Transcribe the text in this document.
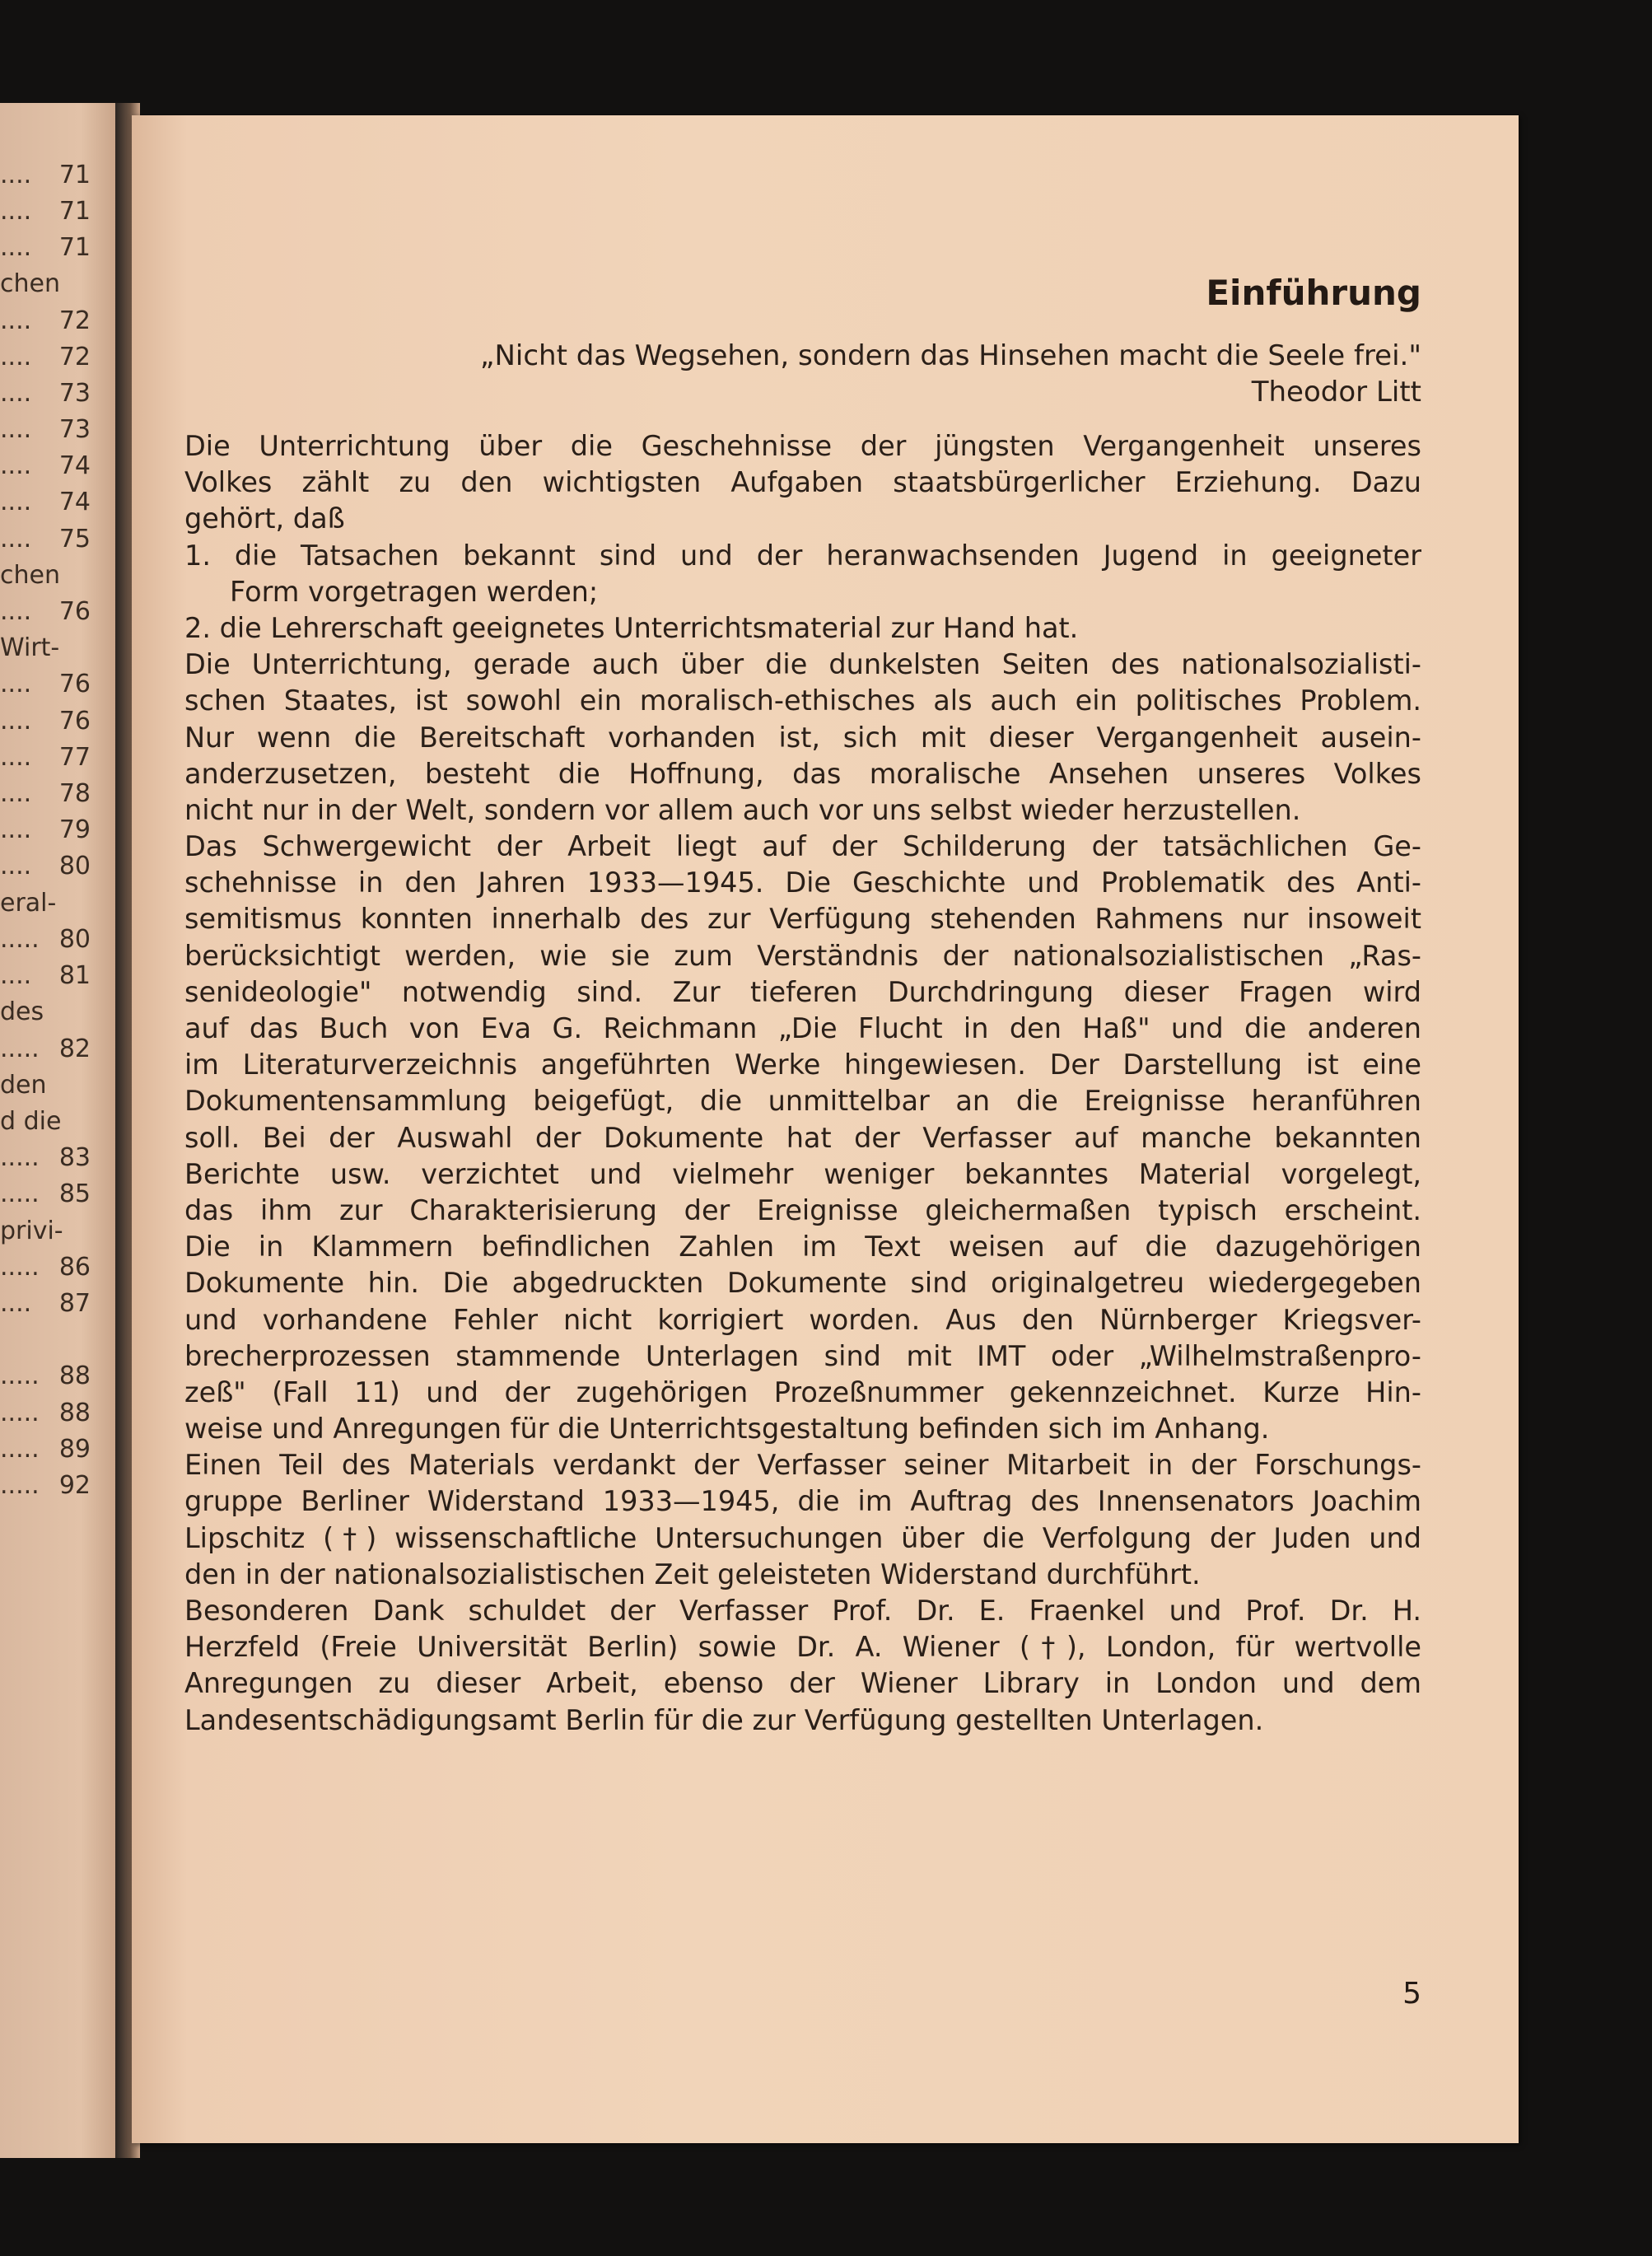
.... 71
.... 71
.... 71
chen
.... 72
.... 72
.... 73
.... 73
.... 74
.... 74
.... 75
chen
.... 76
Wirt-
.... 76
.... 76
.... 77
.... 78
.... 79
.... 80
eral-
..... 80
.... 81
des
..... 82
den
d die
..... 83
..... 85
privi-
..... 86
.... 87
..... 88
..... 88
..... 89
..... 92
Einführung
„Nicht das Wegsehen, sondern das Hinsehen macht die Seele frei."
Theodor Litt
Die Unterrichtung über die Geschehnisse der jüngsten Vergangenheit unseres
Volkes zählt zu den wichtigsten Aufgaben staatsbürgerlicher Erziehung. Dazu
gehört, daß
1. die Tatsachen bekannt sind und der heranwachsenden Jugend in geeigneter
Form vorgetragen werden;
2. die Lehrerschaft geeignetes Unterrichtsmaterial zur Hand hat.
Die Unterrichtung, gerade auch über die dunkelsten Seiten des nationalsozialisti-
schen Staates, ist sowohl ein moralisch-ethisches als auch ein politisches Problem.
Nur wenn die Bereitschaft vorhanden ist, sich mit dieser Vergangenheit ausein-
anderzusetzen, besteht die Hoffnung, das moralische Ansehen unseres Volkes
nicht nur in der Welt, sondern vor allem auch vor uns selbst wieder herzustellen.
Das Schwergewicht der Arbeit liegt auf der Schilderung der tatsächlichen Ge-
schehnisse in den Jahren 1933—1945. Die Geschichte und Problematik des Anti-
semitismus konnten innerhalb des zur Verfügung stehenden Rahmens nur insoweit
berücksichtigt werden, wie sie zum Verständnis der nationalsozialistischen „Ras-
senideologie" notwendig sind. Zur tieferen Durchdringung dieser Fragen wird
auf das Buch von Eva G. Reichmann „Die Flucht in den Haß" und die anderen
im Literaturverzeichnis angeführten Werke hingewiesen. Der Darstellung ist eine
Dokumentensammlung beigefügt, die unmittelbar an die Ereignisse heranführen
soll. Bei der Auswahl der Dokumente hat der Verfasser auf manche bekannten
Berichte usw. verzichtet und vielmehr weniger bekanntes Material vorgelegt,
das ihm zur Charakterisierung der Ereignisse gleichermaßen typisch erscheint.
Die in Klammern befindlichen Zahlen im Text weisen auf die dazugehörigen
Dokumente hin. Die abgedruckten Dokumente sind originalgetreu wiedergegeben
und vorhandene Fehler nicht korrigiert worden. Aus den Nürnberger Kriegsver-
brecherprozessen stammende Unterlagen sind mit IMT oder „Wilhelmstraßenpro-
zeß" (Fall 11) und der zugehörigen Prozeßnummer gekennzeichnet. Kurze Hin-
weise und Anregungen für die Unterrichtsgestaltung befinden sich im Anhang.
Einen Teil des Materials verdankt der Verfasser seiner Mitarbeit in der Forschungs-
gruppe Berliner Widerstand 1933—1945, die im Auftrag des Innensenators Joachim
Lipschitz (†) wissenschaftliche Untersuchungen über die Verfolgung der Juden und
den in der nationalsozialistischen Zeit geleisteten Widerstand durchführt.
Besonderen Dank schuldet der Verfasser Prof. Dr. E. Fraenkel und Prof. Dr. H.
Herzfeld (Freie Universität Berlin) sowie Dr. A. Wiener (†), London, für wertvolle
Anregungen zu dieser Arbeit, ebenso der Wiener Library in London und dem
Landesentschädigungsamt Berlin für die zur Verfügung gestellten Unterlagen.
5
